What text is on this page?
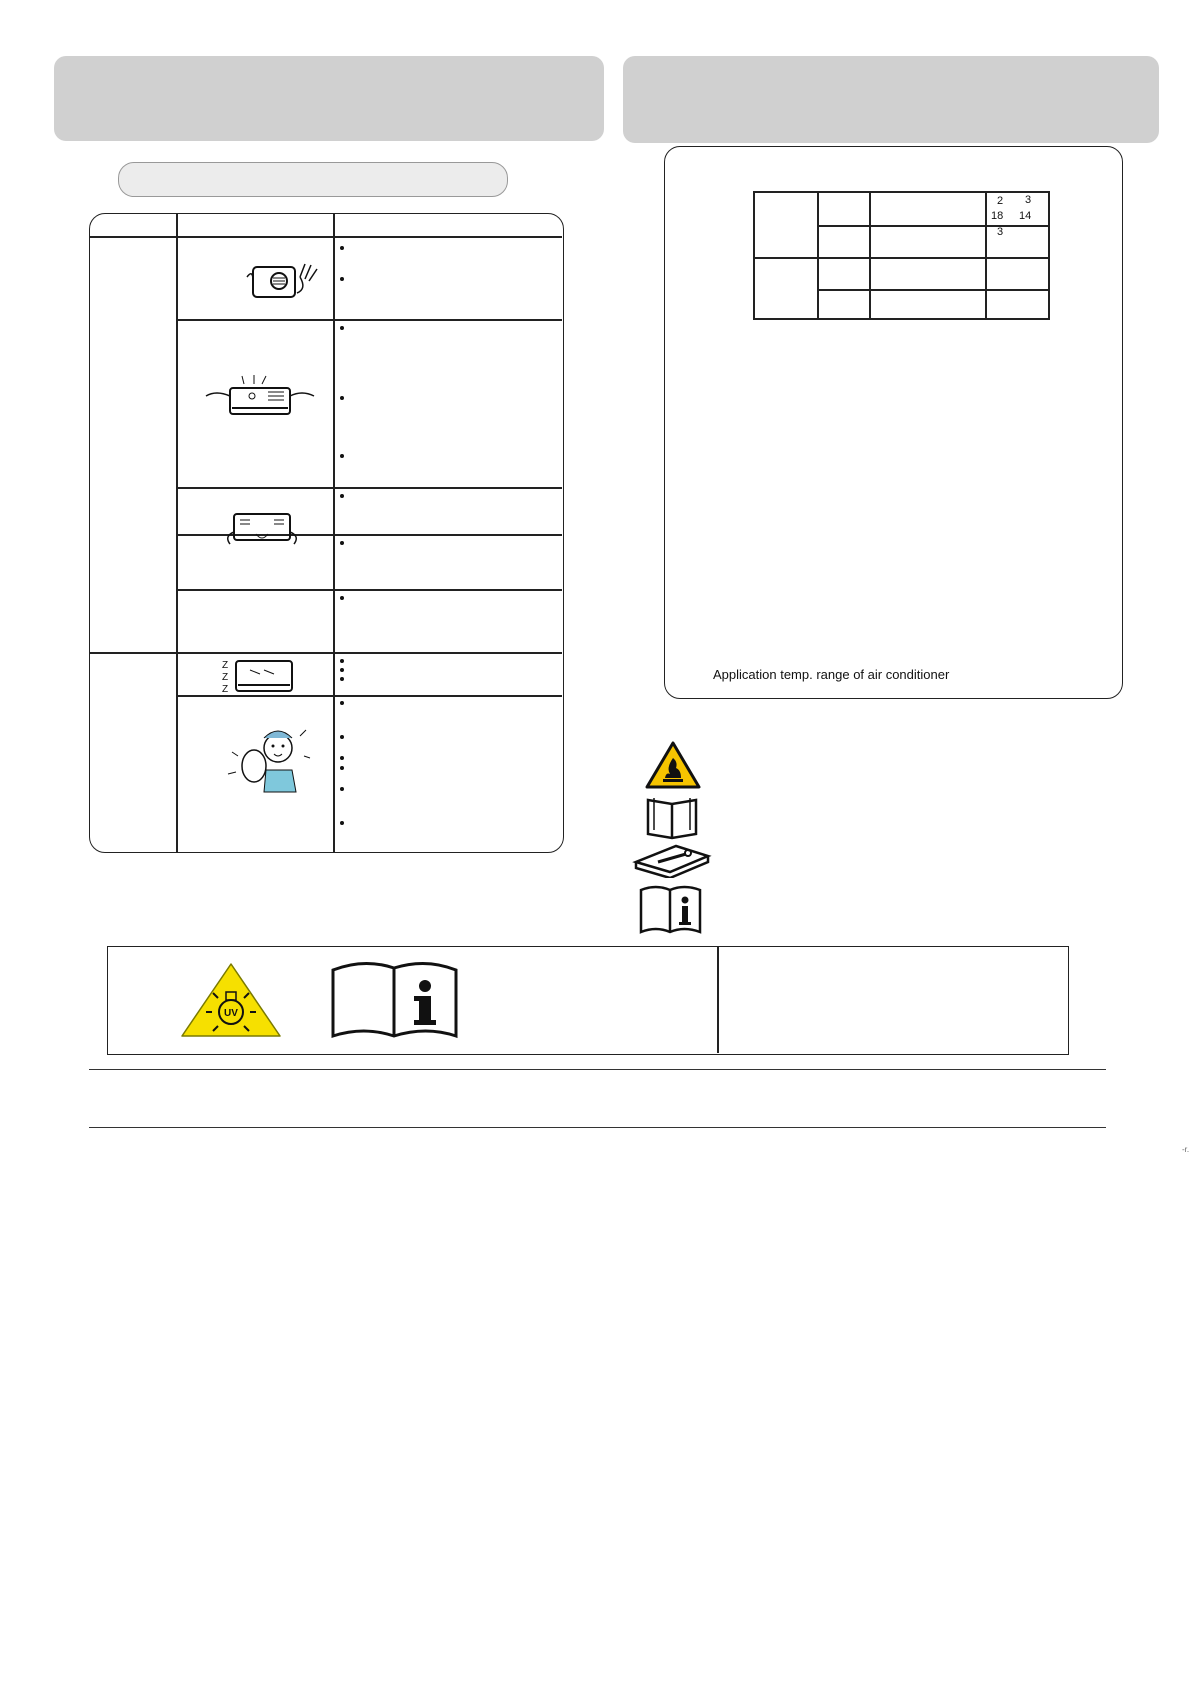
Z
Z
Z
2 3
18 14
3
Application temp. range of air conditioner
UV
-r.
